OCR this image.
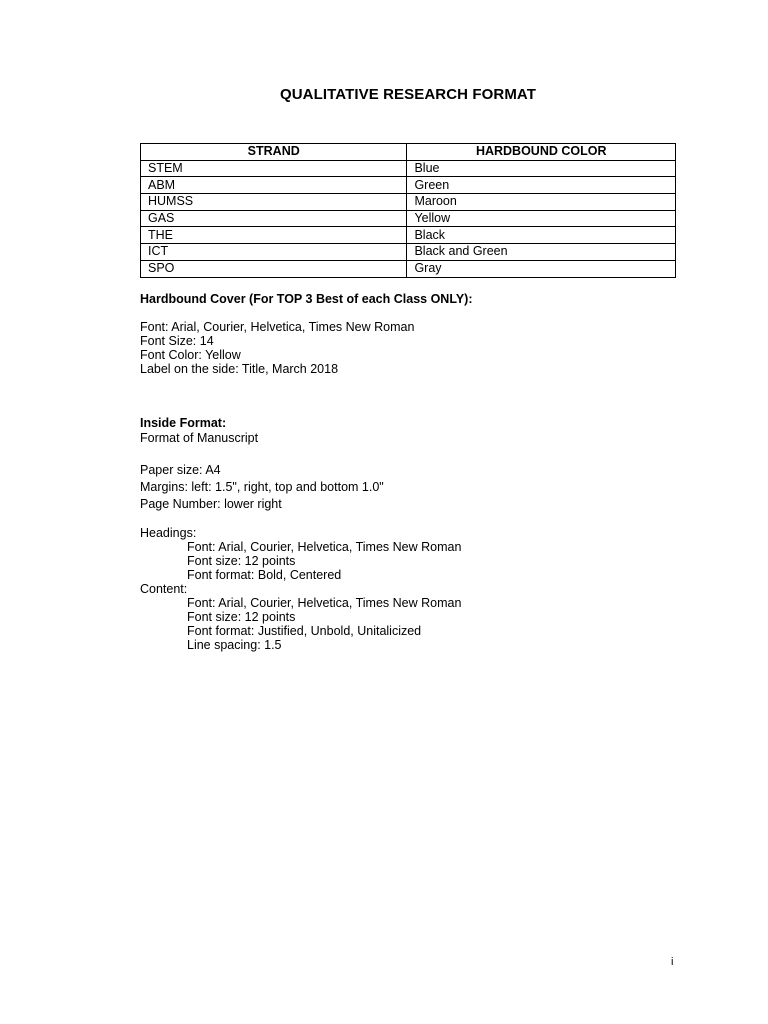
QUALITATIVE RESEARCH FORMAT
STRAND	HARDBOUND COLOR
STEM	Blue
ABM	Green
HUMSS	Maroon
GAS	Yellow
THE	Black
ICT	Black and Green
SPO	Gray
Hardbound Cover (For TOP 3 Best of each Class ONLY):
Font: Arial, Courier, Helvetica, Times New Roman
Font Size: 14
Font Color: Yellow
Label on the side: Title, March 2018
Inside Format:
Format of Manuscript
Paper size: A4
Margins: left: 1.5", right, top and bottom 1.0"
Page Number: lower right
Headings:
Font: Arial, Courier, Helvetica, Times New Roman
Font size: 12 points
Font format: Bold, Centered
Content:
Font: Arial, Courier, Helvetica, Times New Roman
Font size: 12 points
Font format: Justified, Unbold, Unitalicized
Line spacing: 1.5
i
